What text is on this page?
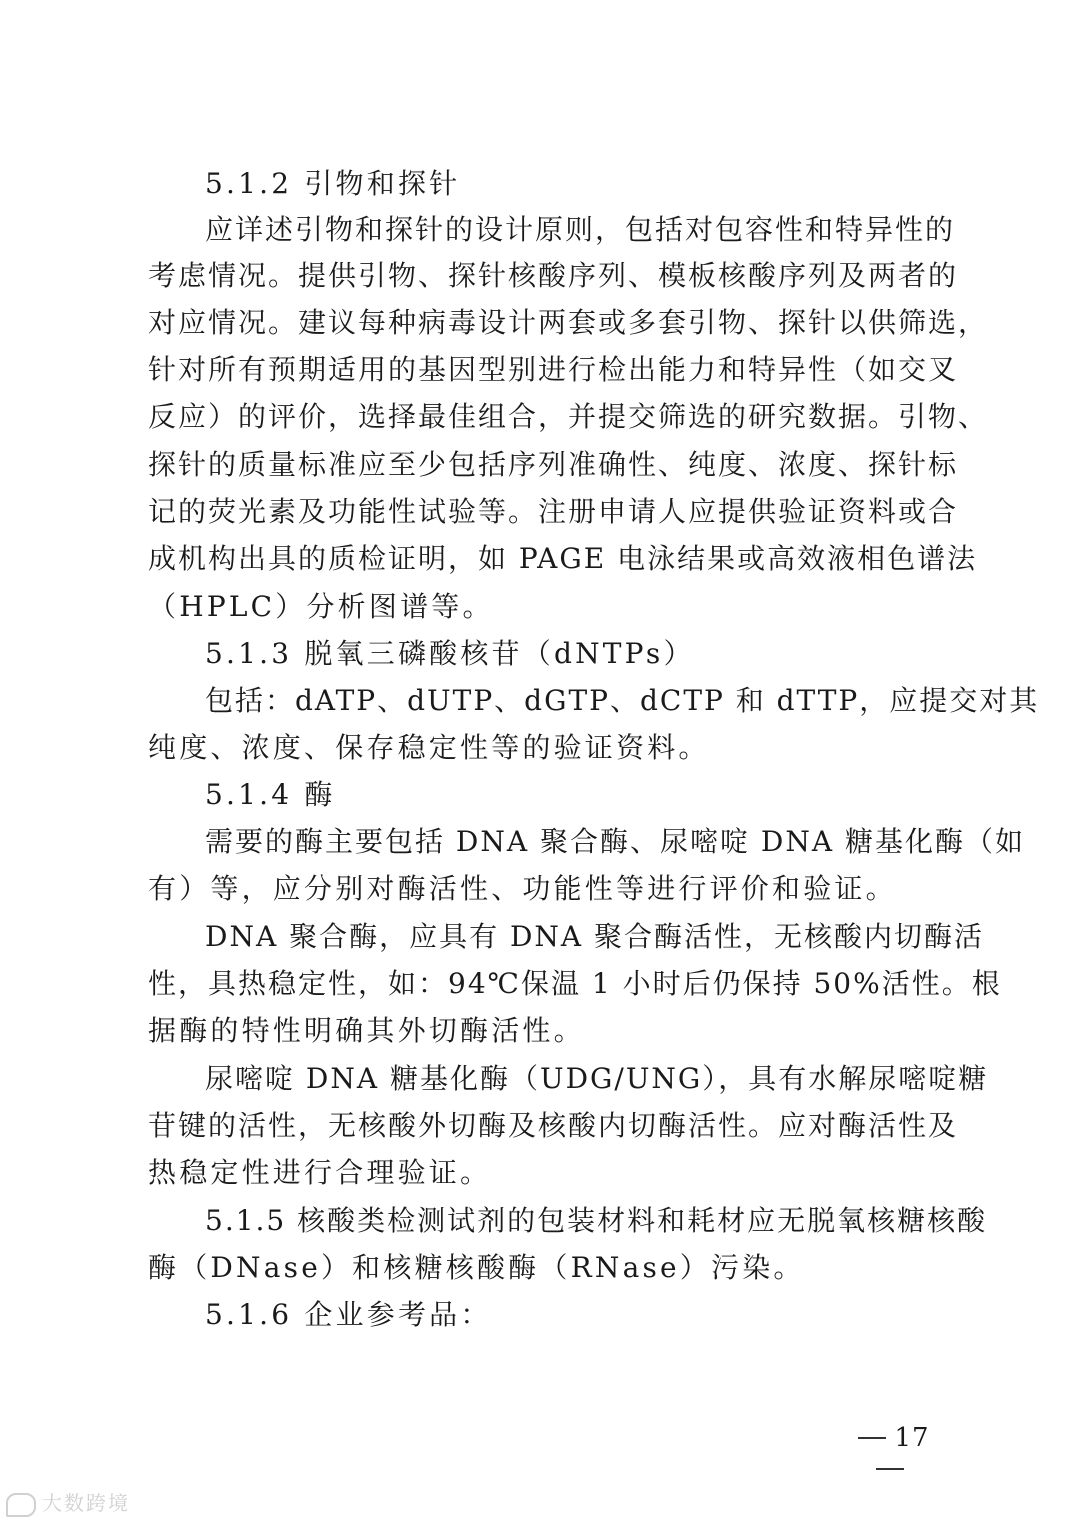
5.1.2 引物和探针
应详述引物和探针的设计原则，包括对包容性和特异性的
考虑情况。提供引物、探针核酸序列、模板核酸序列及两者的
对应情况。建议每种病毒设计两套或多套引物、探针以供筛选，
针对所有预期适用的基因型别进行检出能力和特异性（如交叉
反应）的评价，选择最佳组合，并提交筛选的研究数据。引物、
探针的质量标准应至少包括序列准确性、纯度、浓度、探针标
记的荧光素及功能性试验等。注册申请人应提供验证资料或合
成机构出具的质检证明，如 PAGE 电泳结果或高效液相色谱法
（HPLC）分析图谱等。
5.1.3 脱氧三磷酸核苷（dNTPs）
包括：dATP、dUTP、dGTP、dCTP 和 dTTP，应提交对其
纯度、浓度、保存稳定性等的验证资料。
5.1.4 酶
需要的酶主要包括 DNA 聚合酶、尿嘧啶 DNA 糖基化酶（如
有）等，应分别对酶活性、功能性等进行评价和验证。
DNA 聚合酶，应具有 DNA 聚合酶活性，无核酸内切酶活
性，具热稳定性，如：94℃保温 1 小时后仍保持 50%活性。根
据酶的特性明确其外切酶活性。
尿嘧啶 DNA 糖基化酶（UDG/UNG），具有水解尿嘧啶糖
苷键的活性，无核酸外切酶及核酸内切酶活性。应对酶活性及
热稳定性进行合理验证。
5.1.5 核酸类检测试剂的包装材料和耗材应无脱氧核糖核酸
酶（DNase）和核糖核酸酶（RNase）污染。
5.1.6 企业参考品：
17
大数跨境
